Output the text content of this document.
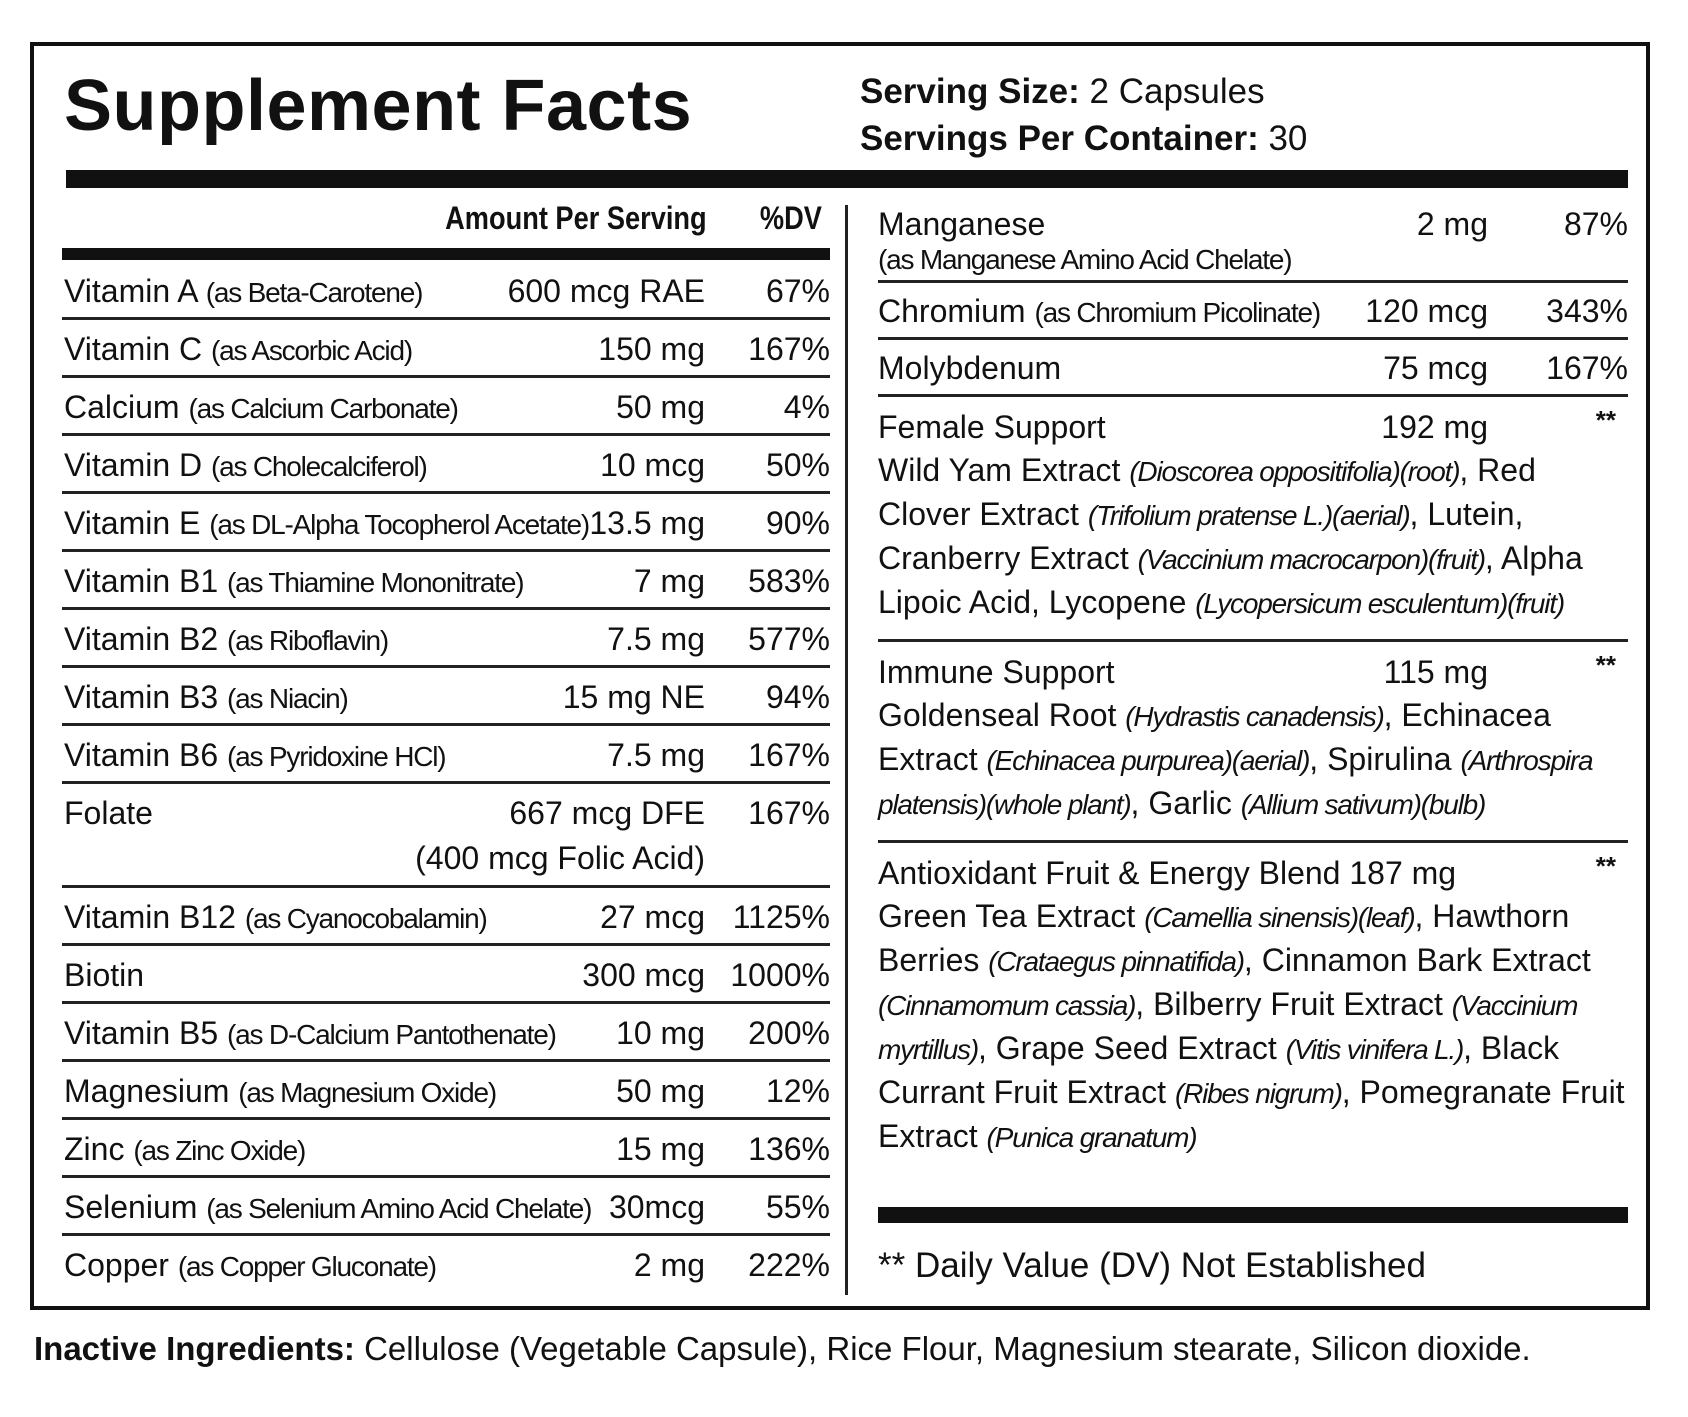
Supplement Facts	Serving Size: 2 Capsules
Servings Per Container: 30
Amount Per Serving %DV
Vitamin A (as Beta-Carotene)	600 mcg RAE 67%
Vitamin C (as Ascorbic Acid)	150 mg 167%
Calcium (as Calcium Carbonate)	50 mg 4%
Vitamin D (as Cholecalciferol)	10 mcg 50%
Vitamin E (as DL-Alpha Tocopherol Acetate) 13.5 mg 90%
Vitamin B1 (as Thiamine Mononitrate)	7 mg 583%
Vitamin B2 (as Riboflavin)	7.5 mg 577%
Vitamin B3 (as Niacin)	15 mg NE 94%
Vitamin B6 (as Pyridoxine HCl)	7.5 mg 167%
Folate	667 mcg DFE 167%
(400 mcg Folic Acid)
Vitamin B12 (as Cyanocobalamin)	27 mcg 1125%
Biotin	300 mcg 1000%
Vitamin B5 (as D-Calcium Pantothenate) 10 mg 200%
Magnesium (as Magnesium Oxide)	50 mg 12%
Zinc (as Zinc Oxide)	15 mg 136%
Selenium (as Selenium Amino Acid Chelate) 30mcg 55%
Copper (as Copper Gluconate)	2 mg 222%
Manganese	2 mg 87%
(as Manganese Amino Acid Chelate)
Chromium (as Chromium Picolinate) 120 mcg 343%
Molybdenum	75 mcg 167%
Female Support	192 mg	**
Wild Yam Extract (Dioscorea oppositifolia)(root), Red Clover Extract (Trifolium pratense L.)(aerial), Lutein, Cranberry Extract (Vaccinium macrocarpon)(fruit), Alpha Lipoic Acid, Lycopene (Lycopersicum esculentum)(fruit)
Immune Support	115 mg	**
Goldenseal Root (Hydrastis canadensis), Echinacea Extract (Echinacea purpurea)(aerial), Spirulina (Arthrospira platensis)(whole plant), Garlic (Allium sativum)(bulb)
Antioxidant Fruit & Energy Blend 187 mg	**
Green Tea Extract (Camellia sinensis)(leaf), Hawthorn Berries (Crataegus pinnatifida), Cinnamon Bark Extract (Cinnamomum cassia), Bilberry Fruit Extract (Vaccinium myrtillus), Grape Seed Extract (Vitis vinifera L.), Black Currant Fruit Extract (Ribes nigrum), Pomegranate Fruit Extract (Punica granatum)
** Daily Value (DV) Not Established
Inactive Ingredients: Cellulose (Vegetable Capsule), Rice Flour, Magnesium stearate, Silicon dioxide.
